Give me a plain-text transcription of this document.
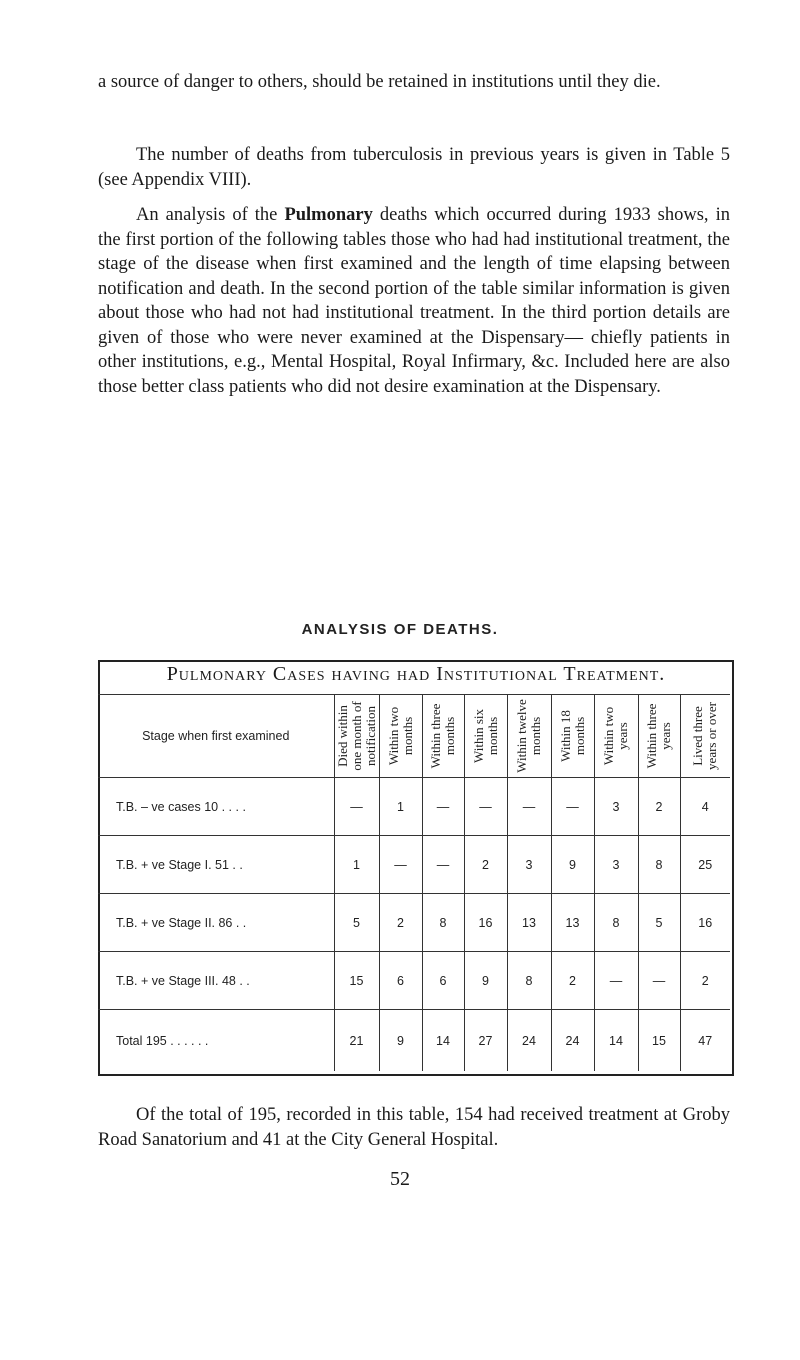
a source of danger to others, should be retained in institutions until they die.

The number of deaths from tuberculosis in previous years is given in Table 5 (see Appendix VIII).

An analysis of the Pulmonary deaths which occurred during 1933 shows, in the first portion of the following tables those who had had institutional treatment, the stage of the disease when first examined and the length of time elapsing between notification and death. In the second portion of the table similar information is given about those who had not had institutional treatment. In the third portion details are given of those who were never examined at the Dispensary— chiefly patients in other institutions, e.g., Mental Hospital, Royal Infirmary, &c. Included here are also those better class patients who did not desire examination at the Dispensary.

ANALYSIS OF DEATHS.
Pulmonary Cases having had Institutional Treatment.
Stage when first examined	Died within one month of notification	Within two months	Within three months	Within six months	Within twelve months	Within 18 months	Within two years	Within three years	Lived three years or over

T.B. – ve cases 10 . . . .	—	1	—	—	—	—	3	2	4
T.B. + ve Stage I. 51 . .	1	—	—	2	3	9	3	8	25
T.B. + ve Stage II. 86 . .	5	2	8	16	13	13	8	5	16
T.B. + ve Stage III. 48 . .	15	6	6	9	8	2	—	—	2
Total 195 . . . . . .	21	9	14	27	24	24	14	15	47

Of the total of 195, recorded in this table, 154 had received treatment at Groby Road Sanatorium and 41 at the City General Hospital.

52
